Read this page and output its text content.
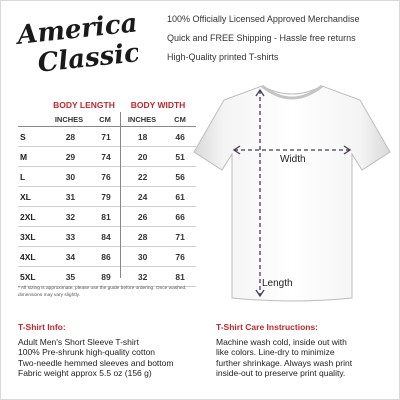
American
Classics
100% Officially Licensed Approved Merchandise
Quick and FREE Shipping - Hassle free returns
High-Quality printed T-shirts
BODY LENGTH	BODY WIDTH
INCHES	CM	INCHES	CM
S	28	71	18	46
M	29	74	20	51
L	30	76	22	56
XL	31	79	24	61
2XL	32	81	26	66
3XL	33	84	28	71
4XL	34	86	30	76
5XL	35	89	32	81
* All sizing is approximate, please use the guide before ordering. Once washed, dimensions may vary slightly.
Width
Length
T-Shirt Info:
Adult Men's Short Sleeve T-shirt
100% Pre-shrunk high-quality cotton
Two-needle hemmed sleeves and bottom
Fabric weight approx 5.5 oz (156 g)
T-Shirt Care Instructions:
Machine wash cold, inside out with
like colors. Line-dry to minimize
further shrinkage. Always wash print
inside-out to preserve print quality.
